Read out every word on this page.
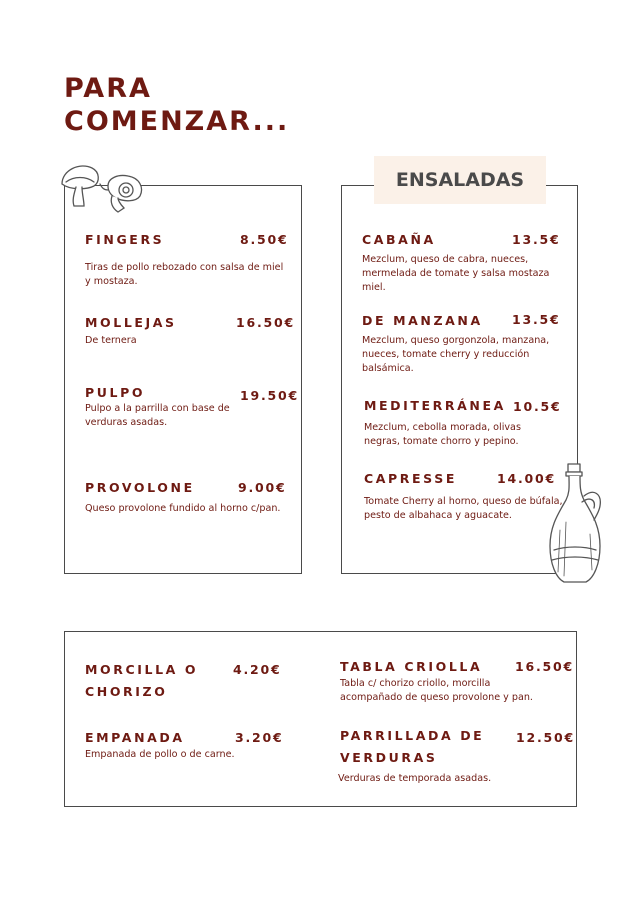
PARA
COMENZAR...
FINGERS	8.50€
Tiras de pollo rebozado con salsa de miel y mostaza.
MOLLEJAS	16.50€
De ternera
PULPO	19.50€
Pulpo a la parrilla con base de verduras asadas.
PROVOLONE	9.00€
Queso provolone fundido al horno c/pan.
ENSALADAS
CABAÑA	13.5€
Mezclum, queso de cabra, nueces, mermelada de tomate y salsa mostaza miel.
DE MANZANA 13.5€
Mezclum, queso gorgonzola, manzana, nueces, tomate cherry y reducción balsámica.
MEDITERRÁNEA 10.5€
Mezclum, cebolla morada, olivas negras, tomate chorro y pepino.
CAPRESSE	14.00€
Tomate Cherry al horno, queso de búfala, pesto de albahaca y aguacate.
MORCILLA O CHORIZO
4.20€	TABLA CRIOLLA	16.50€
Tabla c/ chorizo criollo, morcilla acompañado de queso provolone y pan.
EMPANADA	3.20€
Empanada de pollo o de carne.
PARRILLADA DE VERDURAS
12.50€
Verduras de temporada asadas.
